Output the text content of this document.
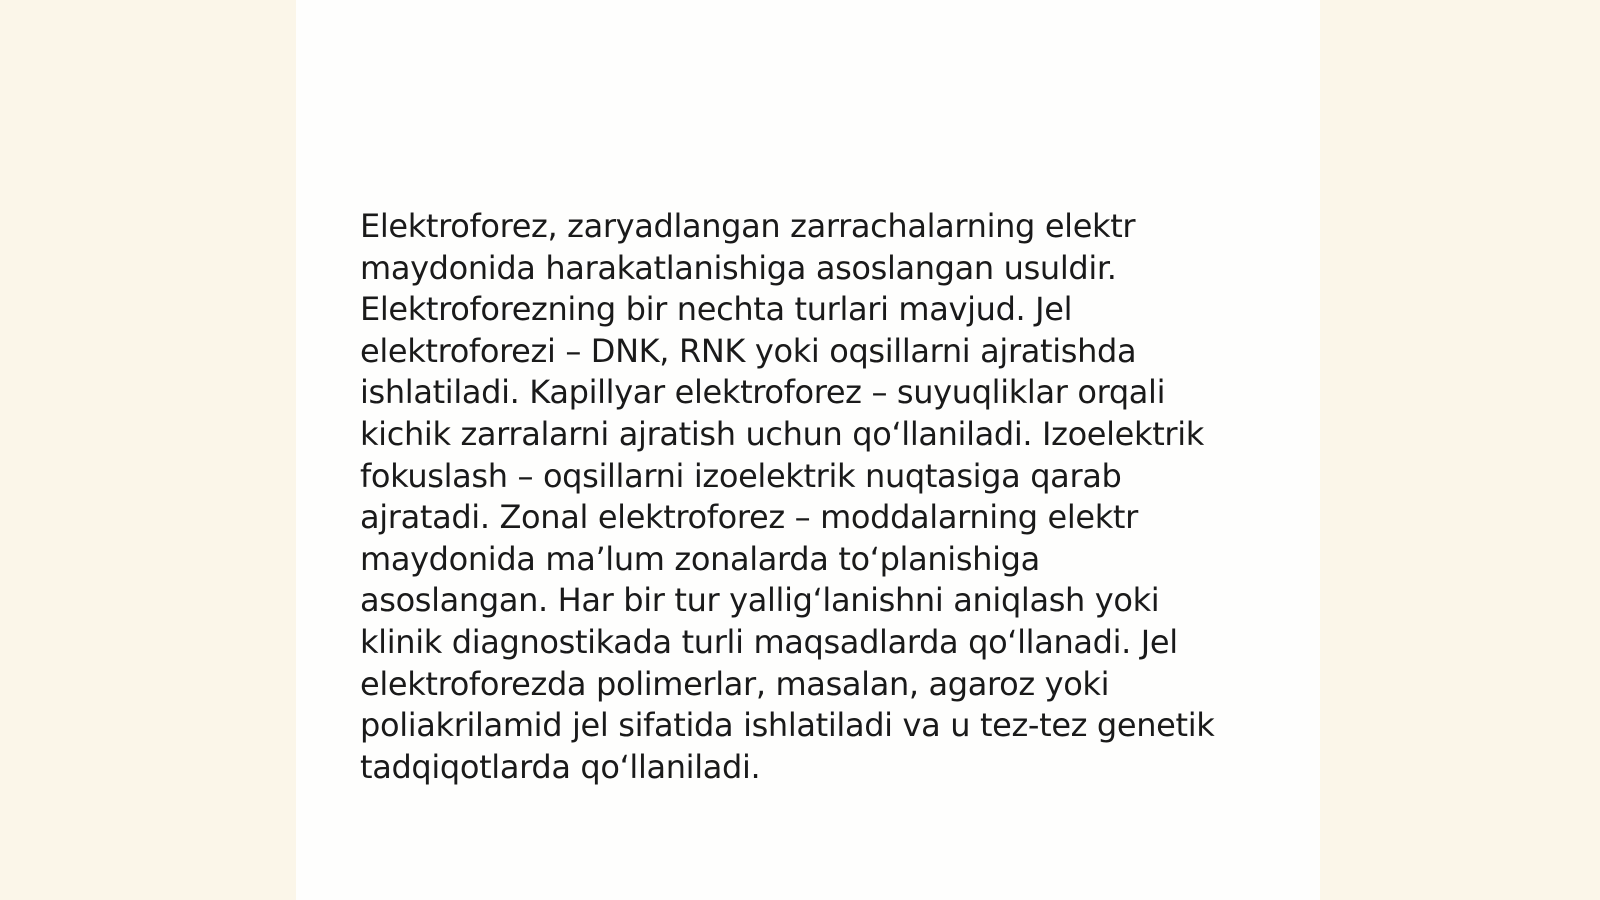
Elektroforez, zaryadlangan zarrachalarning elektr
maydonida harakatlanishiga asoslangan usuldir.
Elektroforezning bir nechta turlari mavjud. Jel
elektroforezi – DNK, RNK yoki oqsillarni ajratishda
ishlatiladi. Kapillyar elektroforez – suyuqliklar orqali
kichik zarralarni ajratish uchun qoʻllaniladi. Izoelektrik
fokuslash – oqsillarni izoelektrik nuqtasiga qarab
ajratadi. Zonal elektroforez – moddalarning elektr
maydonida maʼlum zonalarda toʻplanishiga
asoslangan. Har bir tur yalligʻlanishni aniqlash yoki
klinik diagnostikada turli maqsadlarda qoʻllanadi. Jel
elektroforezda polimerlar, masalan, agaroz yoki
poliakrilamid jel sifatida ishlatiladi va u tez-tez genetik
tadqiqotlarda qoʻllaniladi.
